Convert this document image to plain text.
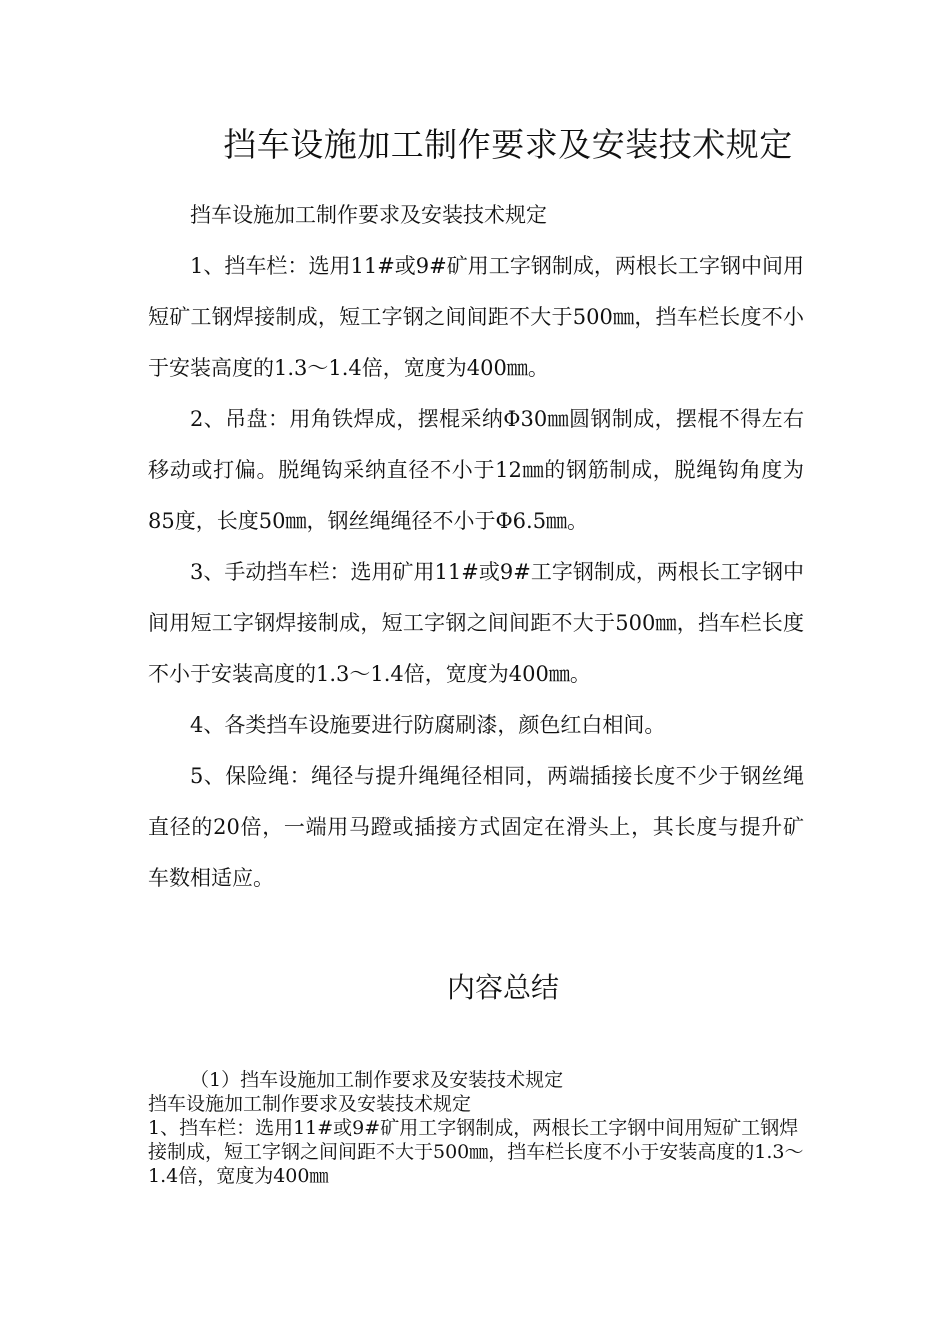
挡车设施加工制作要求及安装技术规定

挡车设施加工制作要求及安装技术规定

1、挡车栏：选用11#或9#矿用工字钢制成，两根长工字钢中间用短矿工钢焊接制成，短工字钢之间间距不大于500㎜，挡车栏长度不小于安装高度的1.3～1.4倍，宽度为400㎜。

2、吊盘：用角铁焊成，摆棍采纳Φ30㎜圆钢制成，摆棍不得左右移动或打偏。脱绳钩采纳直径不小于12㎜的钢筋制成，脱绳钩角度为85度，长度50㎜，钢丝绳绳径不小于Φ6.5㎜。

3、手动挡车栏：选用矿用11#或9#工字钢制成，两根长工字钢中间用短工字钢焊接制成，短工字钢之间间距不大于500㎜，挡车栏长度不小于安装高度的1.3～1.4倍，宽度为400㎜。

4、各类挡车设施要进行防腐刷漆，颜色红白相间。

5、保险绳：绳径与提升绳绳径相同，两端插接长度不少于钢丝绳直径的20倍，一端用马蹬或插接方式固定在滑头上，其长度与提升矿车数相适应。

内容总结

（1）挡车设施加工制作要求及安装技术规定

挡车设施加工制作要求及安装技术规定

1、挡车栏：选用11#或9#矿用工字钢制成，两根长工字钢中间用短矿工钢焊接制成，短工字钢之间间距不大于500㎜，挡车栏长度不小于安装高度的1.3～1.4倍，宽度为400㎜
